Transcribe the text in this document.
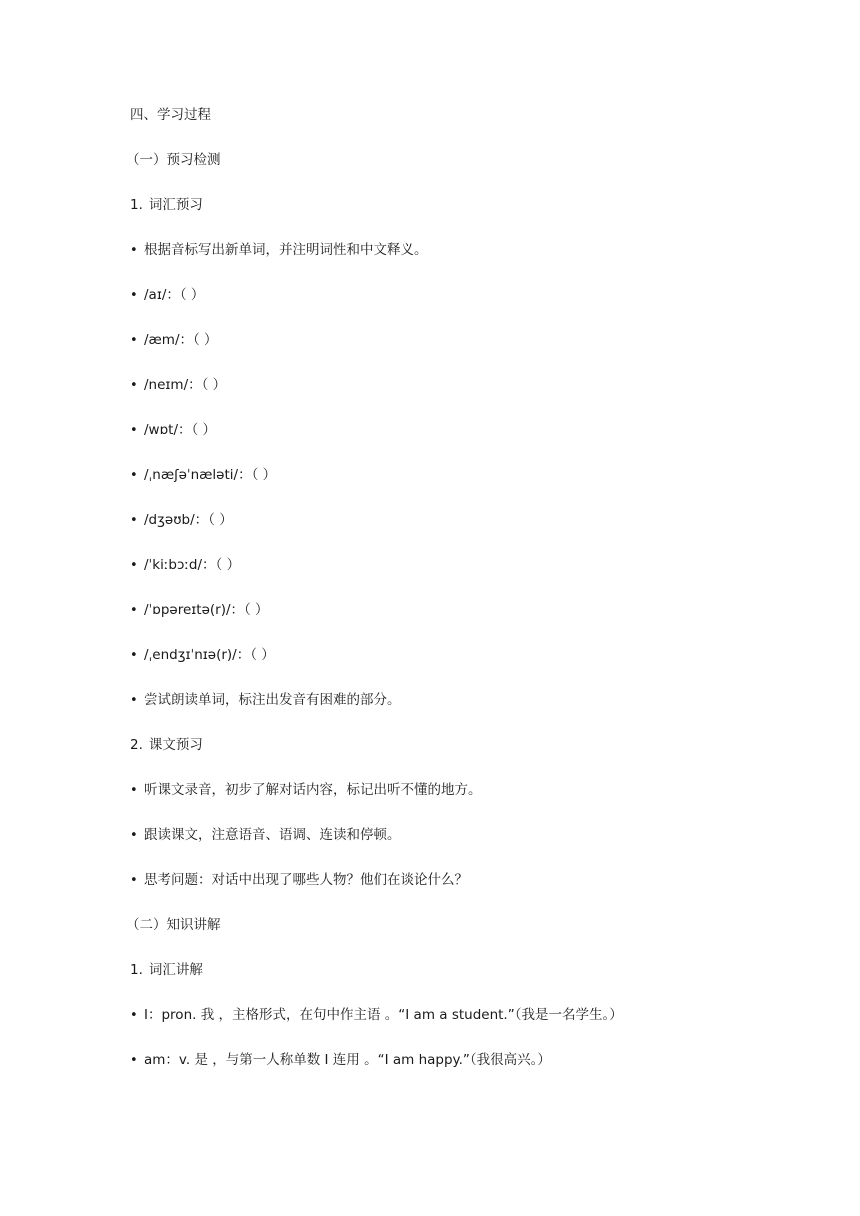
四、学习过程
（一）预习检测
1. 词汇预习
• 根据音标写出新单词，并注明词性和中文释义。
• /aɪ/：（ ）
• /æm/：（ ）
• /neɪm/：（ ）
• /wɒt/：（ ）
• /ˌnæʃəˈnæləti/：（ ）
• /dʒəʊb/：（ ）
• /ˈkiːbɔːd/：（ ）
• /ˈɒpəreɪtə(r)/：（ ）
• /ˌendʒɪˈnɪə(r)/：（ ）
• 尝试朗读单词，标注出发音有困难的部分。
2. 课文预习
• 听课文录音，初步了解对话内容，标记出听不懂的地方。
• 跟读课文，注意语音、语调、连读和停顿。
• 思考问题：对话中出现了哪些人物？他们在谈论什么？
（二）知识讲解
1. 词汇讲解
• I：pron. 我 ，主格形式，在句中作主语 。“I am a student.”（我是一名学生。）
• am：v. 是 ，与第一人称单数 I 连用 。“I am happy.”（我很高兴。）
